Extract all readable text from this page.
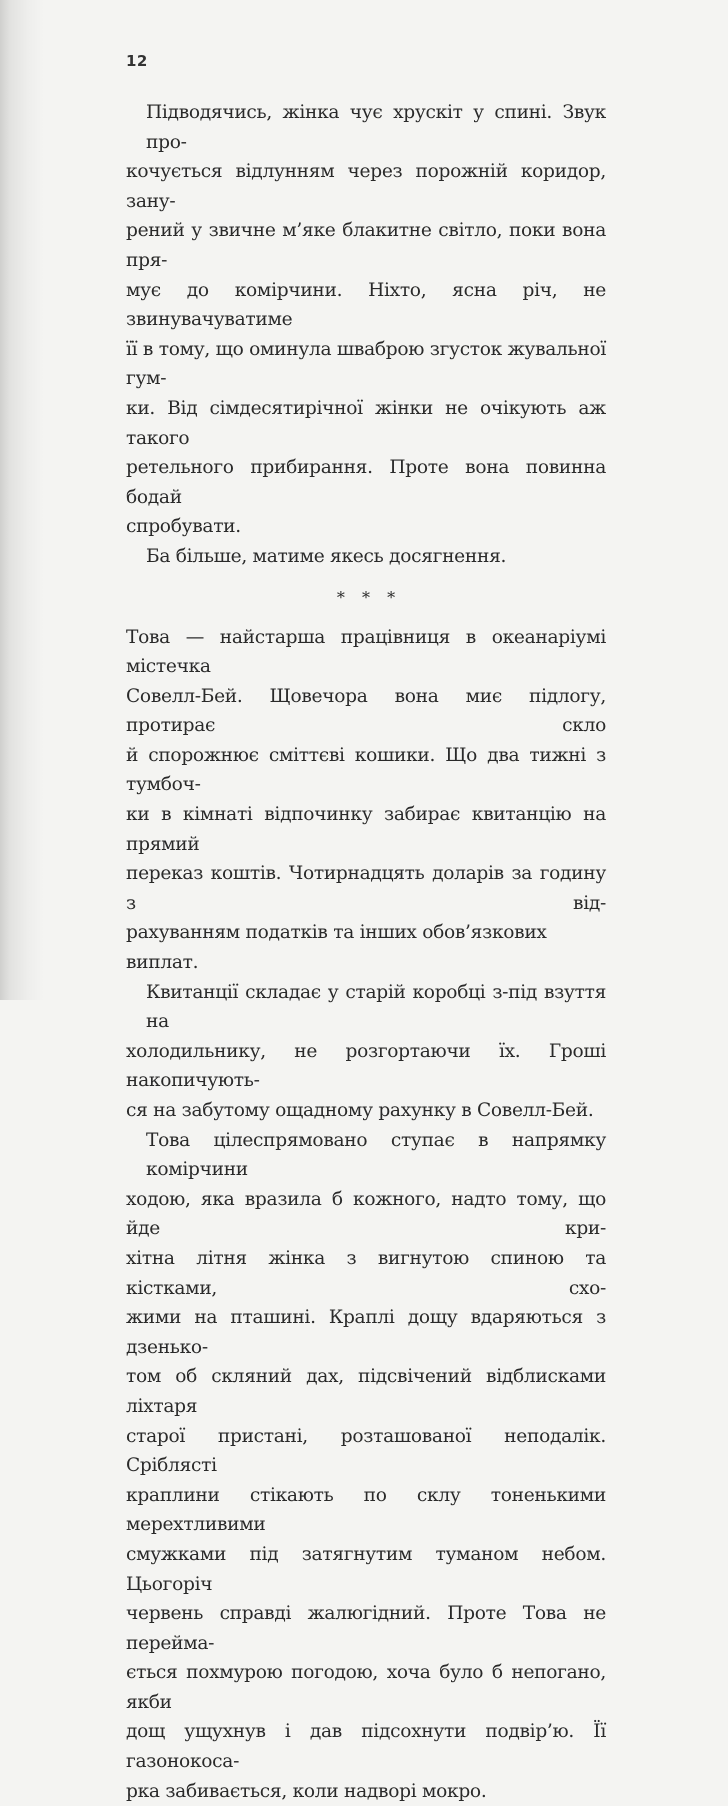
12
Підводячись, жінка чує хрускіт у спині. Звук про-
кочується відлунням через порожній коридор, зану-
рений у звичне м’яке блакитне світло, поки вона пря-
мує до комірчини. Ніхто, ясна річ, не звинувачуватиме
її в тому, що оминула шваброю згусток жувальної гум-
ки. Від сімдесятирічної жінки не очікують аж такого
ретельного прибирання. Проте вона повинна бодай
спробувати.
Ба більше, матиме якесь досягнення.
* * *
Това — найстарша працівниця в океанаріумі містечка
Совелл-Бей. Щовечора вона миє підлогу, протирає скло
й спорожнює сміттєві кошики. Що два тижні з тумбоч-
ки в кімнаті відпочинку забирає квитанцію на прямий
переказ коштів. Чотирнадцять доларів за годину з від-
рахуванням податків та інших обов’язкових виплат.
Квитанції складає у старій коробці з-під взуття на
холодильнику, не розгортаючи їх. Гроші накопичують-
ся на забутому ощадному рахунку в Совелл-Бей.
Това цілеспрямовано ступає в напрямку комірчини
ходою, яка вразила б кожного, надто тому, що йде кри-
хітна літня жінка з вигнутою спиною та кістками, схо-
жими на пташині. Краплі дощу вдаряються з дзенько-
том об скляний дах, підсвічений відблисками ліхтаря
старої пристані, розташованої неподалік. Сріблясті
краплини стікають по склу тоненькими мерехтливими
смужками під затягнутим туманом небом. Цьогоріч
червень справді жалюгідний. Проте Това не перейма-
ється похмурою погодою, хоча було б непогано, якби
дощ ущухнув і дав підсохнути подвір’ю. Її газонокоса-
рка забивається, коли надворі мокро.
